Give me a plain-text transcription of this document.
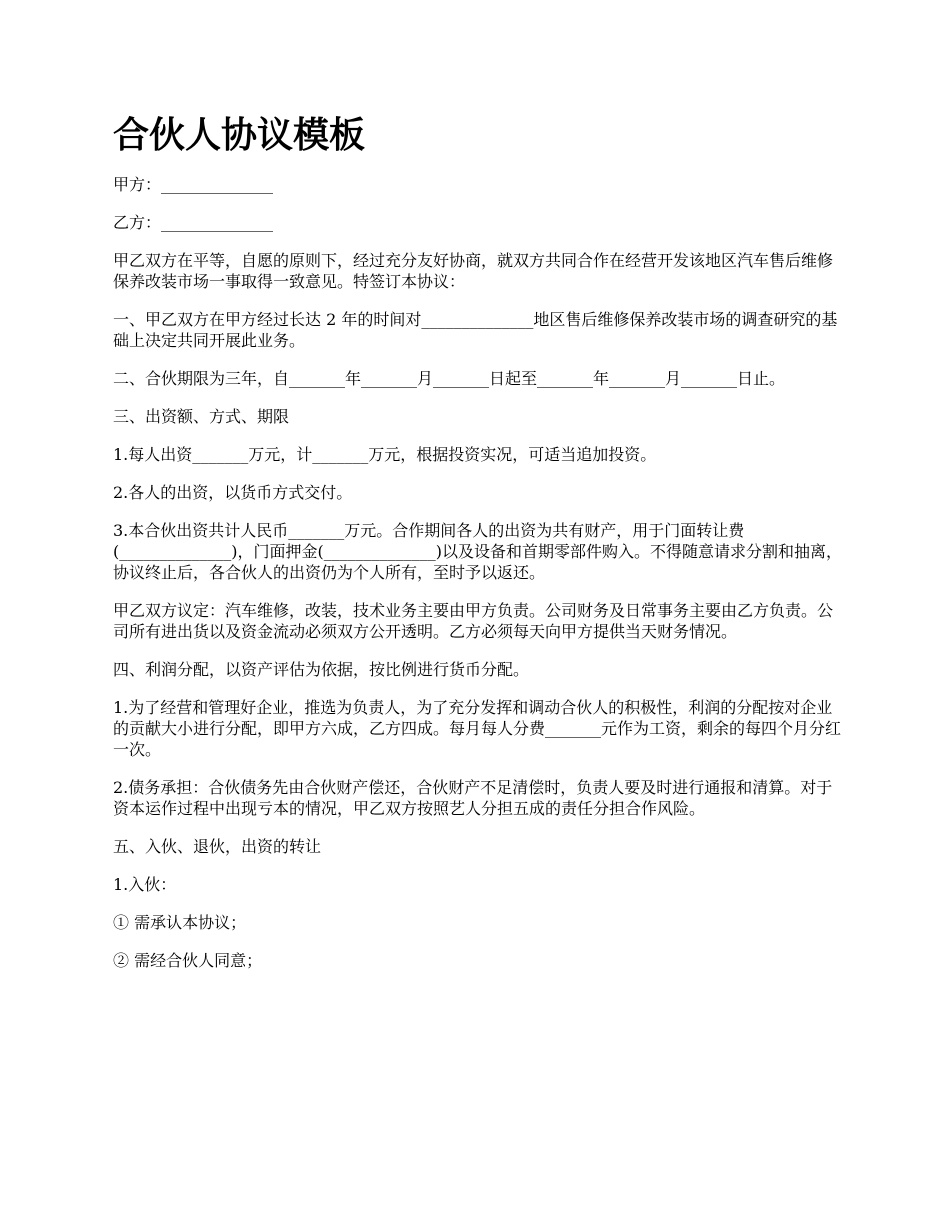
合伙人协议模板

甲方：______________

乙方：______________

甲乙双方在平等，自愿的原则下，经过充分友好协商，就双方共同合作在经营开发该地区汽车售后维修保养改装市场一事取得一致意见。特签订本协议：

一、甲乙双方在甲方经过长达 2 年的时间对______________地区售后维修保养改装市场的调查研究的基础上决定共同开展此业务。

二、合伙期限为三年，自_______年_______月_______日起至_______年_______月_______日止。

三、出资额、方式、期限

1.每人出资_______万元，计_______万元，根据投资实况，可适当追加投资。

2.各人的出资，以货币方式交付。

3.本合伙出资共计人民币_______万元。合作期间各人的出资为共有财产，用于门面转让费(______________)，门面押金(______________)以及设备和首期零部件购入。不得随意请求分割和抽离，协议终止后，各合伙人的出资仍为个人所有，至时予以返还。

甲乙双方议定：汽车维修，改装，技术业务主要由甲方负责。公司财务及日常事务主要由乙方负责。公司所有进出货以及资金流动必须双方公开透明。乙方必须每天向甲方提供当天财务情况。

四、利润分配，以资产评估为依据，按比例进行货币分配。

1.为了经营和管理好企业，推选为负责人，为了充分发挥和调动合伙人的积极性，利润的分配按对企业的贡献大小进行分配，即甲方六成，乙方四成。每月每人分费_______元作为工资，剩余的每四个月分红一次。

2.债务承担：合伙债务先由合伙财产偿还，合伙财产不足清偿时，负责人要及时进行通报和清算。对于资本运作过程中出现亏本的情况，甲乙双方按照艺人分担五成的责任分担合作风险。

五、入伙、退伙，出资的转让

1.入伙：

① 需承认本协议；

② 需经合伙人同意；
